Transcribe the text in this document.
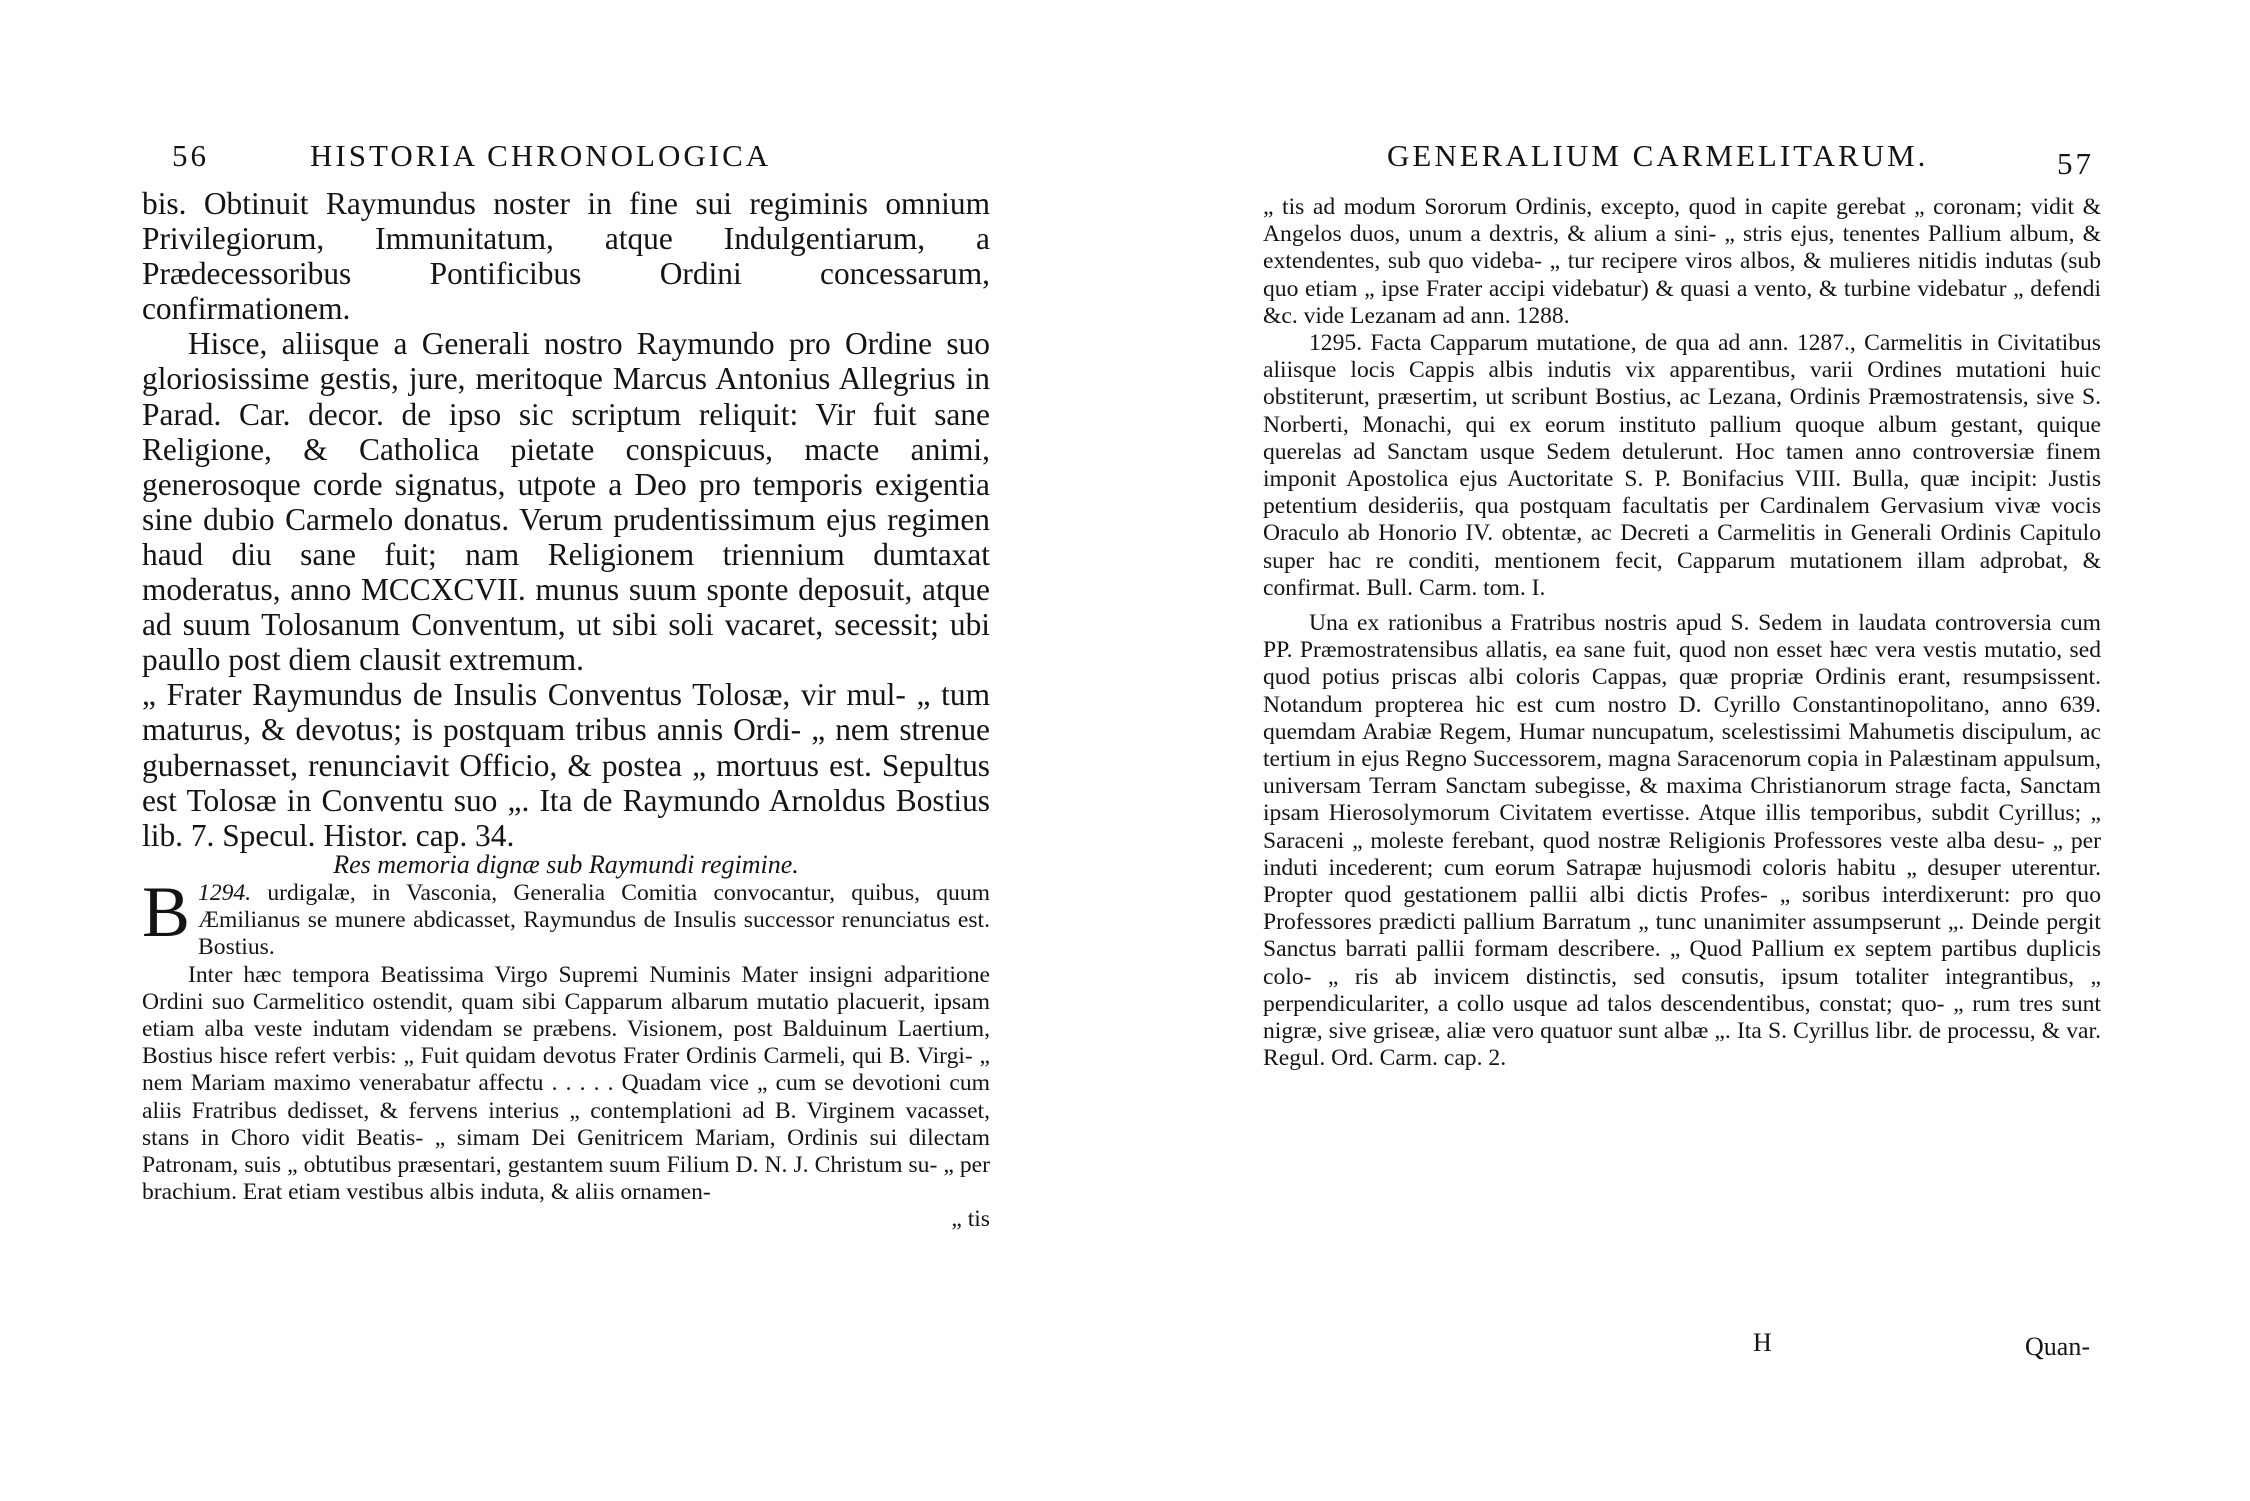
56	HISTORIA CHRONOLOGICA

bis. Obtinuit Raymundus noster in fine sui regiminis omnium Privilegiorum, Immunitatum, atque Indulgentiarum, a Prædecessoribus Pontificibus Ordini concessarum, confirmationem.

Hisce, aliisque a Generali nostro Raymundo pro Ordine suo gloriosissime gestis, jure, meritoque Marcus Antonius Allegrius in Parad. Car. decor. de ipso sic scriptum reliquit: Vir fuit sane Religione, & Catholica pietate conspicuus, macte animi, generosoque corde signatus, utpote a Deo pro temporis exigentia sine dubio Carmelo donatus. Verum prudentissimum ejus regimen haud diu sane fuit; nam Religionem triennium dumtaxat moderatus, anno MCCXCVII. munus suum sponte deposuit, atque ad suum Tolosanum Conventum, ut sibi soli vacaret, secessit; ubi paullo post diem clausit extremum.

„ Frater Raymundus de Insulis Conventus Tolosæ, vir mul- „ tum maturus, & devotus; is postquam tribus annis Ordi- „ nem strenue gubernasset, renunciavit Officio, & postea „ mortuus est. Sepultus est Tolosæ in Conventu suo „. Ita de Raymundo Arnoldus Bostius lib. 7. Specul. Histor. cap. 34.

Res memoria dignæ sub Raymundi regimine.

1294.
B	urdigalæ, in Vasconia, Generalia Comitia convocantur, quibus, quum Æmilianus se munere abdicasset, Raymundus de Insulis successor renunciatus est. Bostius.

Inter hæc tempora Beatissima Virgo Supremi Numinis Mater insigni adparitione Ordini suo Carmelitico ostendit, quam sibi Capparum albarum mutatio placuerit, ipsam etiam alba veste indutam videndam se præbens. Visionem, post Balduinum Laertium, Bostius hisce refert verbis: „ Fuit quidam devotus Frater Ordinis Carmeli, qui B. Virgi- „ nem Mariam maximo venerabatur affectu . . . . . Quadam vice „ cum se devotioni cum aliis Fratribus dedisset, & fervens interius „ contemplationi ad B. Virginem vacasset, stans in Choro vidit Beatis- „ simam Dei Genitricem Mariam, Ordinis sui dilectam Patronam, suis „ obtutibus præsentari, gestantem suum Filium D. N. J. Christum su- „ per brachium. Erat etiam vestibus albis induta, & aliis ornamen-

„ tis

GENERALIUM CARMELITARUM.	57

„ tis ad modum Sororum Ordinis, excepto, quod in capite gerebat „ coronam; vidit & Angelos duos, unum a dextris, & alium a sini- „ stris ejus, tenentes Pallium album, & extendentes, sub quo videba- „ tur recipere viros albos, & mulieres nitidis indutas (sub quo etiam „ ipse Frater accipi videbatur) & quasi a vento, & turbine videbatur „ defendi &c. vide Lezanam ad ann. 1288.

1295. Facta Capparum mutatione, de qua ad ann. 1287., Carmelitis in Civitatibus aliisque locis Cappis albis indutis vix apparentibus, varii Ordines mutationi huic obstiterunt, præsertim, ut scribunt Bostius, ac Lezana, Ordinis Præmostratensis, sive S. Norberti, Monachi, qui ex eorum instituto pallium quoque album gestant, quique querelas ad Sanctam usque Sedem detulerunt. Hoc tamen anno controversiæ finem imponit Apostolica ejus Auctoritate S. P. Bonifacius VIII. Bulla, quæ incipit: Justis petentium desideriis, qua postquam facultatis per Cardinalem Gervasium vivæ vocis Oraculo ab Honorio IV. obtentæ, ac Decreti a Carmelitis in Generali Ordinis Capitulo super hac re conditi, mentionem fecit, Capparum mutationem illam adprobat, & confirmat. Bull. Carm. tom. I.

Una ex rationibus a Fratribus nostris apud S. Sedem in laudata controversia cum PP. Præmostratensibus allatis, ea sane fuit, quod non esset hæc vera vestis mutatio, sed quod potius priscas albi coloris Cappas, quæ propriæ Ordinis erant, resumpsissent. Notandum propterea hic est cum nostro D. Cyrillo Constantinopolitano, anno 639. quemdam Arabiæ Regem, Humar nuncupatum, scelestissimi Mahumetis discipulum, ac tertium in ejus Regno Successorem, magna Saracenorum copia in Palæstinam appulsum, universam Terram Sanctam subegisse, & maxima Christianorum strage facta, Sanctam ipsam Hierosolymorum Civitatem evertisse. Atque illis temporibus, subdit Cyrillus; „ Saraceni „ moleste ferebant, quod nostræ Religionis Professores veste alba desu- „ per induti incederent; cum eorum Satrapæ hujusmodi coloris habitu „ desuper uterentur. Propter quod gestationem pallii albi dictis Profes- „ soribus interdixerunt: pro quo Professores prædicti pallium Barratum „ tunc unanimiter assumpserunt „. Deinde pergit Sanctus barrati pallii formam describere. „ Quod Pallium ex septem partibus duplicis colo- „ ris ab invicem distinctis, sed consutis, ipsum totaliter integrantibus, „ perpendiculariter, a collo usque ad talos descendentibus, constat; quo- „ rum tres sunt nigræ, sive griseæ, aliæ vero quatuor sunt albæ „. Ita S. Cyrillus libr. de processu, & var. Regul. Ord. Carm. cap. 2.

H	Quan-
